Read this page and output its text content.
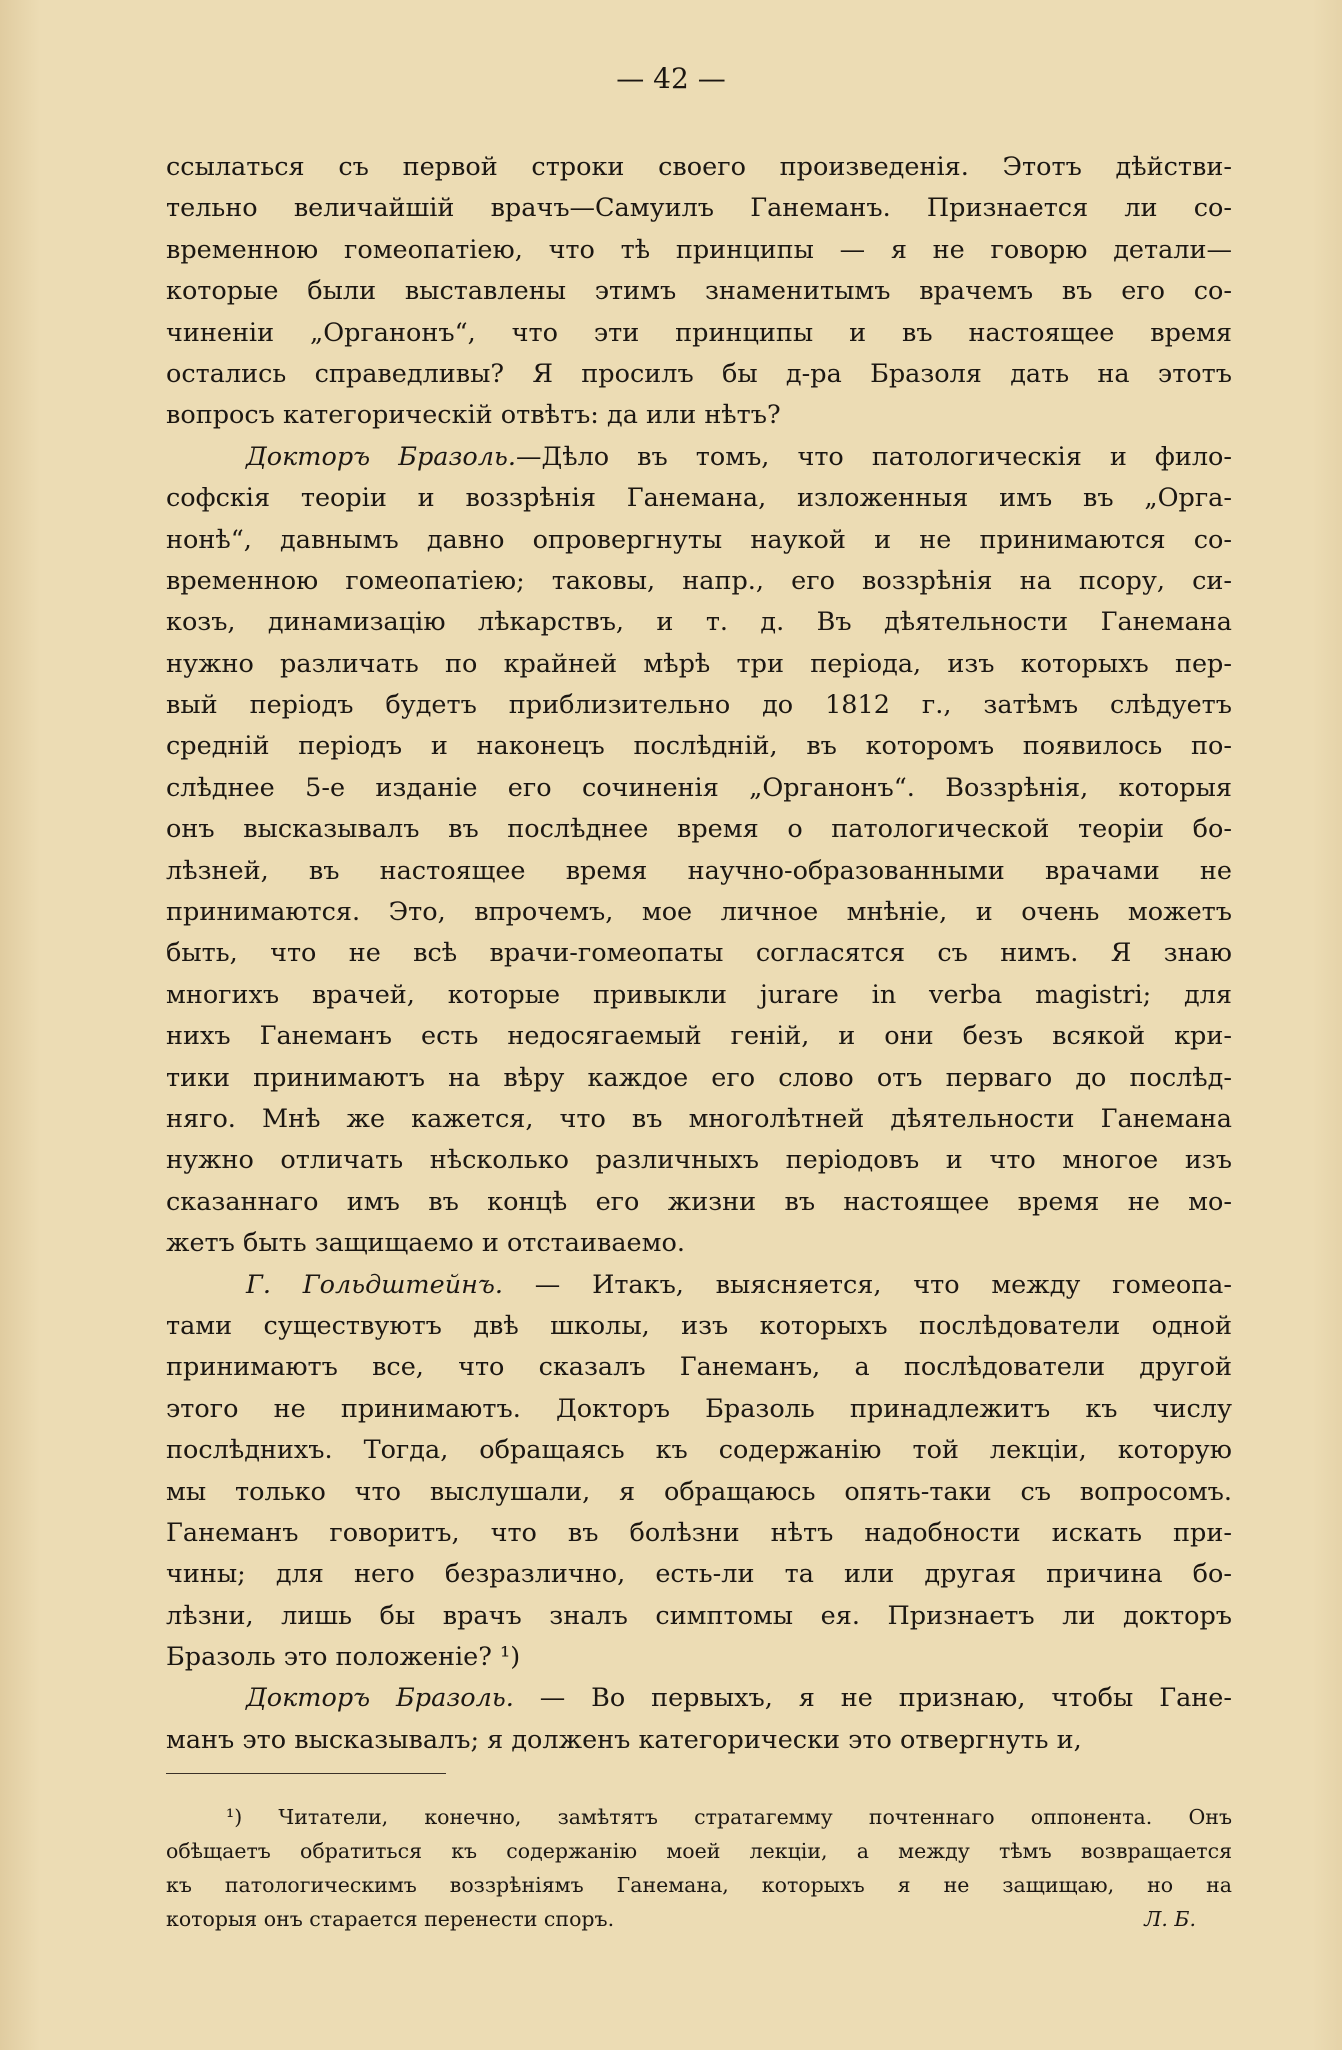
— 42 —
ссылаться съ первой строки своего произведенія. Этотъ дѣйстви-
тельно величайшій врачъ—Самуилъ Ганеманъ. Признается ли со-
временною гомеопатіею, что тѣ принципы — я не говорю детали—
которые были выставлены этимъ знаменитымъ врачемъ въ его со-
чиненіи „Органонъ“, что эти принципы и въ настоящее время
остались справедливы? Я просилъ бы д-ра Бразоля дать на этотъ
вопросъ категорическій отвѣтъ: да или нѣтъ?
Докторъ Бразоль.—Дѣло въ томъ, что патологическія и фило-
софскія теоріи и воззрѣнія Ганемана, изложенныя имъ въ „Орга-
нонѣ“, давнымъ давно опровергнуты наукой и не принимаются со-
временною гомеопатіею; таковы, напр., его воззрѣнія на псору, си-
козъ, динамизацію лѣкарствъ, и т. д. Въ дѣятельности Ганемана
нужно различать по крайней мѣрѣ три періода, изъ которыхъ пер-
вый періодъ будетъ приблизительно до 1812 г., затѣмъ слѣдуетъ
средній періодъ и наконецъ послѣдній, въ которомъ появилось по-
слѣднее 5-е изданіе его сочиненія „Органонъ“. Воззрѣнія, которыя
онъ высказывалъ въ послѣднее время о патологической теоріи бо-
лѣзней, въ настоящее время научно-образованными врачами не
принимаются. Это, впрочемъ, мое личное мнѣніе, и очень можетъ
быть, что не всѣ врачи-гомеопаты согласятся съ нимъ. Я знаю
многихъ врачей, которые привыкли jurare in verba magistri; для
нихъ Ганеманъ есть недосягаемый геній, и они безъ всякой кри-
тики принимаютъ на вѣру каждое его слово отъ перваго до послѣд-
няго. Мнѣ же кажется, что въ многолѣтней дѣятельности Ганемана
нужно отличать нѣсколько различныхъ періодовъ и что многое изъ
сказаннаго имъ въ концѣ его жизни въ настоящее время не мо-
жетъ быть защищаемо и отстаиваемо.
Г. Гольдштейнъ. — Итакъ, выясняется, что между гомеопа-
тами существуютъ двѣ школы, изъ которыхъ послѣдователи одной
принимаютъ все, что сказалъ Ганеманъ, а послѣдователи другой
этого не принимаютъ. Докторъ Бразоль принадлежитъ къ числу
послѣднихъ. Тогда, обращаясь къ содержанію той лекціи, которую
мы только что выслушали, я обращаюсь опять-таки съ вопросомъ.
Ганеманъ говоритъ, что въ болѣзни нѣтъ надобности искать при-
чины; для него безразлично, есть-ли та или другая причина бо-
лѣзни, лишь бы врачъ зналъ симптомы ея. Признаетъ ли докторъ
Бразоль это положеніе? ¹)
Докторъ Бразоль. — Во первыхъ, я не признаю, чтобы Гане-
манъ это высказывалъ; я долженъ категорически это отвергнуть и,
¹) Читатели, конечно, замѣтятъ стратагемму почтеннаго оппонента. Онъ
обѣщаетъ обратиться къ содержанію моей лекціи, а между тѣмъ возвращается
къ патологическимъ воззрѣніямъ Ганемана, которыхъ я не защищаю, но на
которыя онъ старается перенести споръ.	Л. Б.
